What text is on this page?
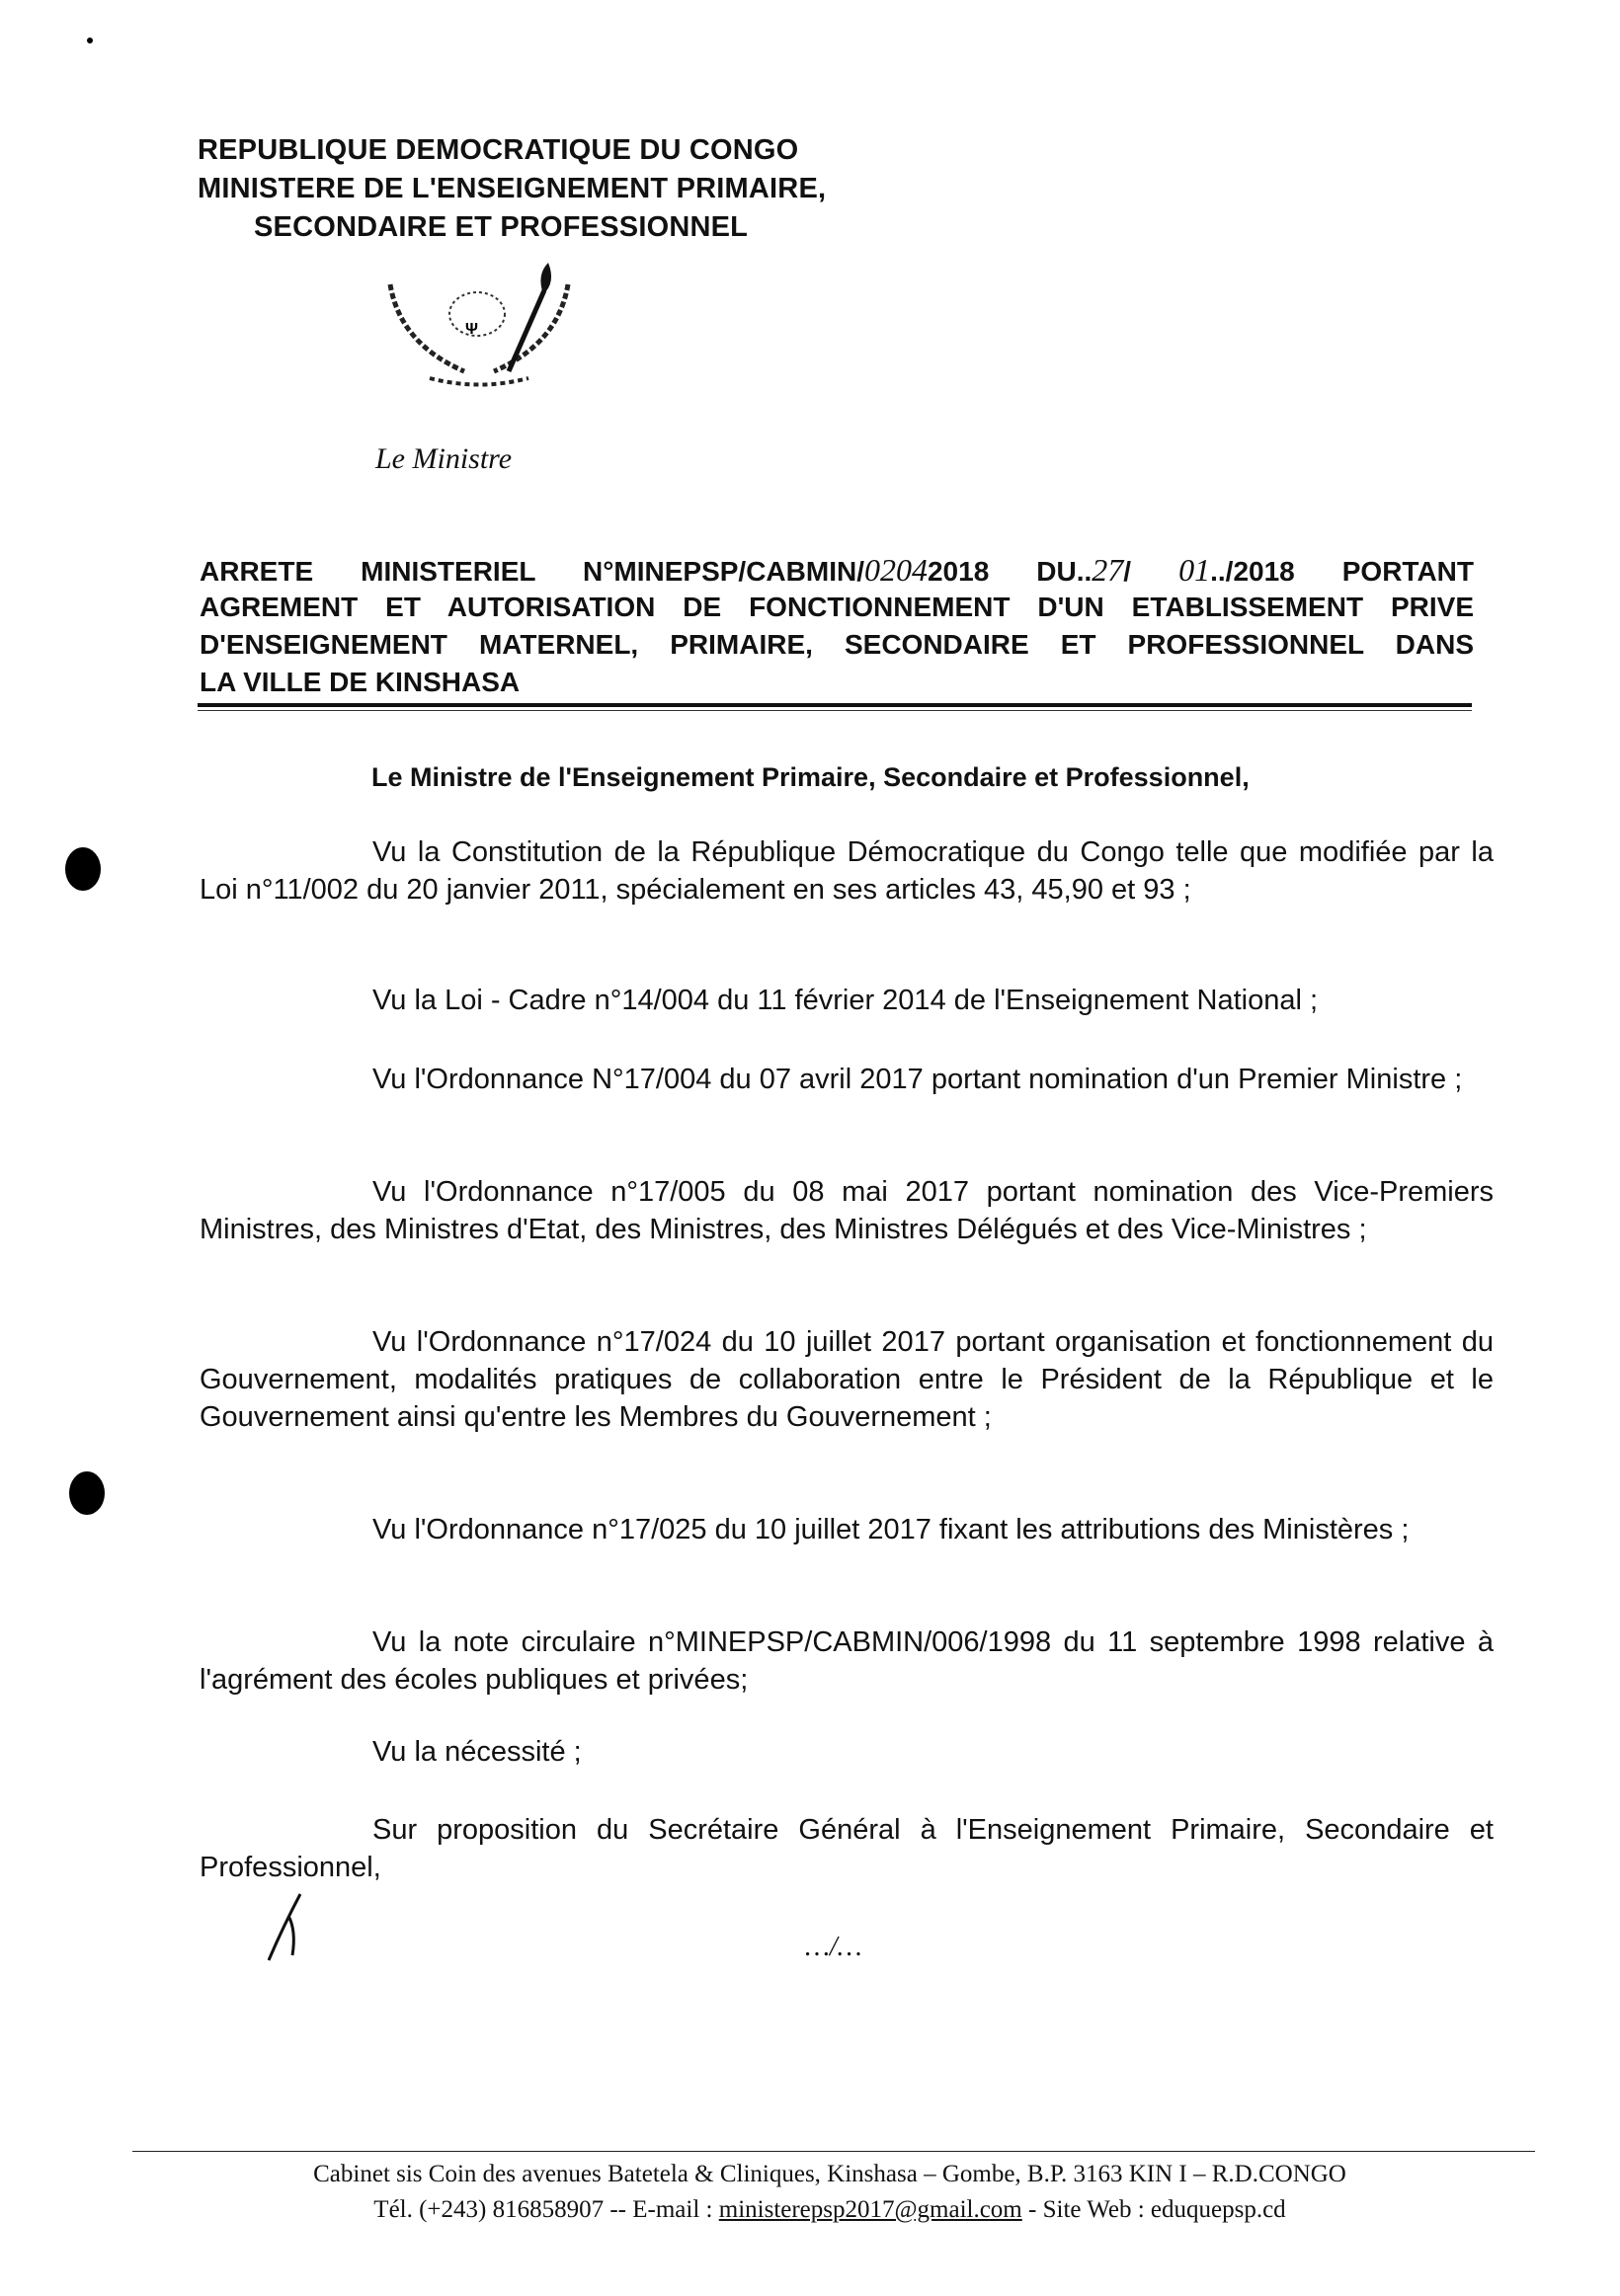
REPUBLIQUE DEMOCRATIQUE DU CONGO
MINISTERE DE L'ENSEIGNEMENT PRIMAIRE,
SECONDAIRE ET PROFESSIONNEL
Ψ
Le Ministre
ARRETE MINISTERIEL N°MINEPSP/CABMIN/02042018 DU..27/ 01../2018 PORTANT
AGREMENT ET AUTORISATION DE FONCTIONNEMENT D'UN ETABLISSEMENT PRIVE
D'ENSEIGNEMENT MATERNEL, PRIMAIRE, SECONDAIRE ET PROFESSIONNEL DANS
LA VILLE DE KINSHASA
Le Ministre de l'Enseignement Primaire, Secondaire et Professionnel,
Vu la Constitution de la République Démocratique du Congo telle que modifiée par la Loi n°11/002 du 20 janvier 2011, spécialement en ses articles 43, 45,90 et 93 ;
Vu la Loi - Cadre n°14/004 du 11 février 2014 de l'Enseignement National ;
Vu l'Ordonnance N°17/004 du 07 avril 2017 portant nomination d'un Premier Ministre ;
Vu l'Ordonnance n°17/005 du 08 mai 2017 portant nomination des Vice-Premiers Ministres, des Ministres d'Etat, des Ministres, des Ministres Délégués et des Vice-Ministres ;
Vu l'Ordonnance n°17/024 du 10 juillet 2017 portant organisation et fonctionnement du Gouvernement, modalités pratiques de collaboration entre le Président de la République et le Gouvernement ainsi qu'entre les Membres du Gouvernement ;
Vu l'Ordonnance n°17/025 du 10 juillet 2017 fixant les attributions des Ministères ;
Vu la note circulaire n°MINEPSP/CABMIN/006/1998 du 11 septembre 1998 relative à l'agrément des écoles publiques et privées;
Vu la nécessité ;
Sur proposition du Secrétaire Général à l'Enseignement Primaire, Secondaire et Professionnel,
…/…
Cabinet sis Coin des avenues Batetela & Cliniques, Kinshasa – Gombe, B.P. 3163 KIN I – R.D.CONGO
Tél. (+243) 816858907 -- E-mail : ministerepsp2017@gmail.com - Site Web : eduquepsp.cd
